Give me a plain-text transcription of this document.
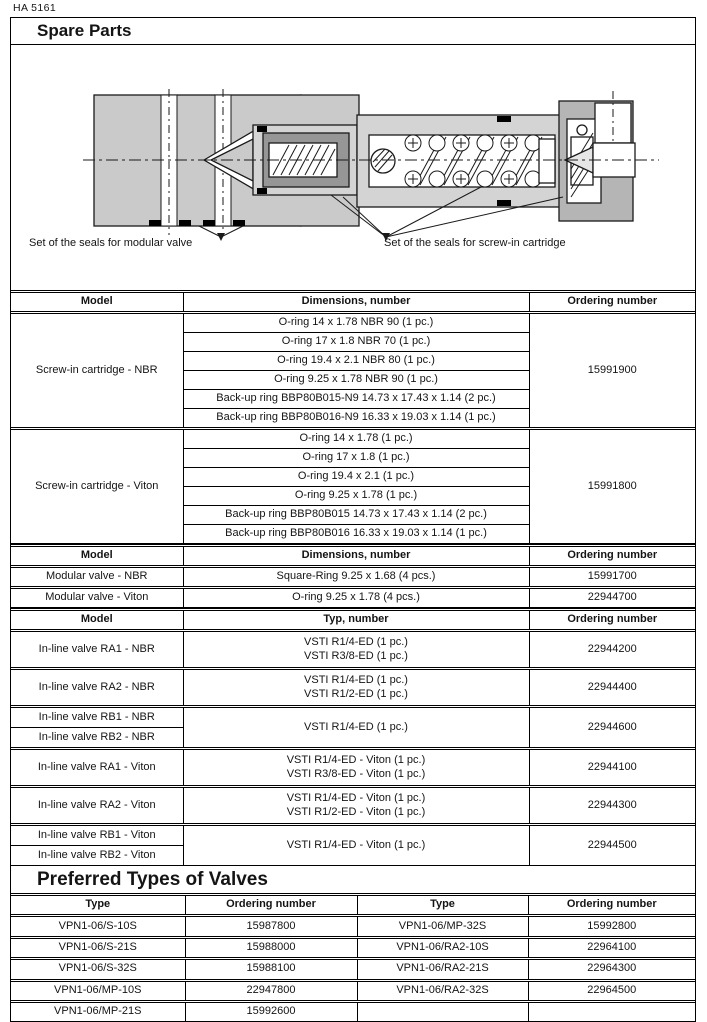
HA 5161
Spare Parts
Set of the seals for modular valve	Set of the seals for screw-in cartridge
Model	Dimensions, number	Ordering number
Screw-in cartridge - NBR	O-ring 14 x 1.78 NBR 90 (1 pc.)	15991900
	O-ring 17 x 1.8 NBR 70 (1 pc.)	
	O-ring 19.4 x 2.1 NBR 80 (1 pc.)	
	O-ring 9.25 x 1.78 NBR 90 (1 pc.)	
	Back-up ring BBP80B015-N9 14.73 x 17.43 x 1.14 (2 pc.)	
	Back-up ring BBP80B016-N9 16.33 x 19.03 x 1.14 (1 pc.)	
Screw-in cartridge - Viton	O-ring 14 x 1.78 (1 pc.)	15991800
	O-ring 17 x 1.8 (1 pc.)	
	O-ring 19.4 x 2.1 (1 pc.)	
	O-ring 9.25 x 1.78 (1 pc.)	
	Back-up ring BBP80B015 14.73 x 17.43 x 1.14 (2 pc.)	
	Back-up ring BBP80B016 16.33 x 19.03 x 1.14 (1 pc.)	
Model	Dimensions, number	Ordering number
Modular valve - NBR	Square-Ring 9.25 x 1.68 (4 pcs.)	15991700
Modular valve - Viton	O-ring 9.25 x 1.78 (4 pcs.)	22944700
Model	Typ, number	Ordering number
In-line valve RA1 - NBR	VSTI R1/4-ED (1 pc.)
VSTI R3/8-ED (1 pc.)	22944200
In-line valve RA2 - NBR	VSTI R1/4-ED (1 pc.)
VSTI R1/2-ED (1 pc.)	22944400
In-line valve RB1 - NBR	VSTI R1/4-ED (1 pc.)	22944600
In-line valve RB2 - NBR		
In-line valve RA1 - Viton	VSTI R1/4-ED - Viton (1 pc.)
VSTI R3/8-ED - Viton (1 pc.)	22944100
In-line valve RA2 - Viton	VSTI R1/4-ED - Viton (1 pc.)
VSTI R1/2-ED - Viton (1 pc.)	22944300
In-line valve RB1 - Viton	VSTI R1/4-ED - Viton (1 pc.)	22944500
In-line valve RB2 - Viton		
Preferred Types of Valves
Type	Ordering number	Type	Ordering number
VPN1-06/S-10S	15987800	VPN1-06/MP-32S	15992800
VPN1-06/S-21S	15988000	VPN1-06/RA2-10S	22964100
VPN1-06/S-32S	15988100	VPN1-06/RA2-21S	22964300
VPN1-06/MP-10S	22947800	VPN1-06/RA2-32S	22964500
VPN1-06/MP-21S	15992600		
